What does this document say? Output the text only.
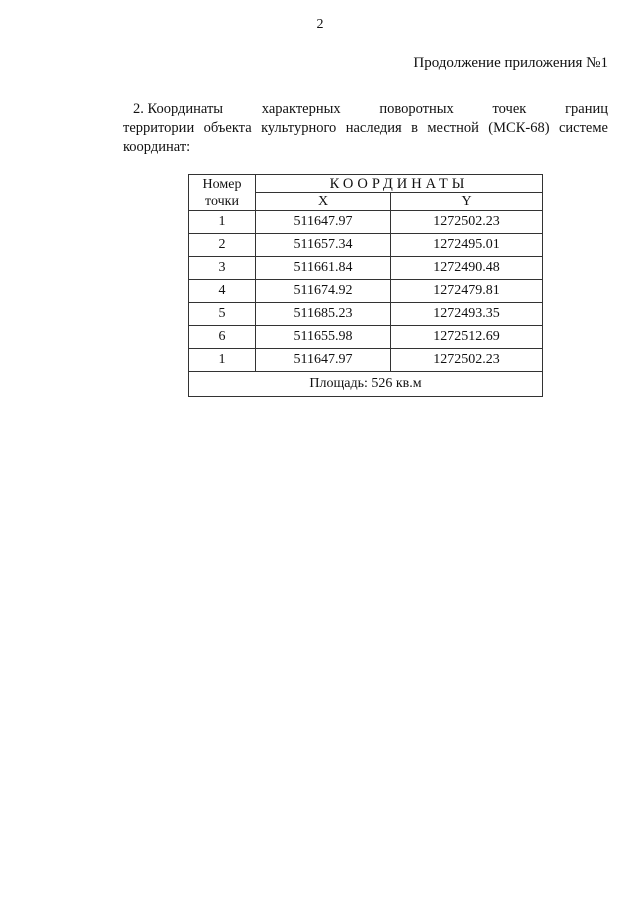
2
Продолжение приложения №1
2. Координаты	характерных	поворотных	точек	границ
территории объекта культурного наследия в местной (МСК-68) системе
координат:
Номер
точки	КООРДИНАТЫ	
	X	Y
1	511647.97	1272502.23
2	511657.34	1272495.01
3	511661.84	1272490.48
4	511674.92	1272479.81
5	511685.23	1272493.35
6	511655.98	1272512.69
1	511647.97	1272502.23
Площадь: 526 кв.м		
